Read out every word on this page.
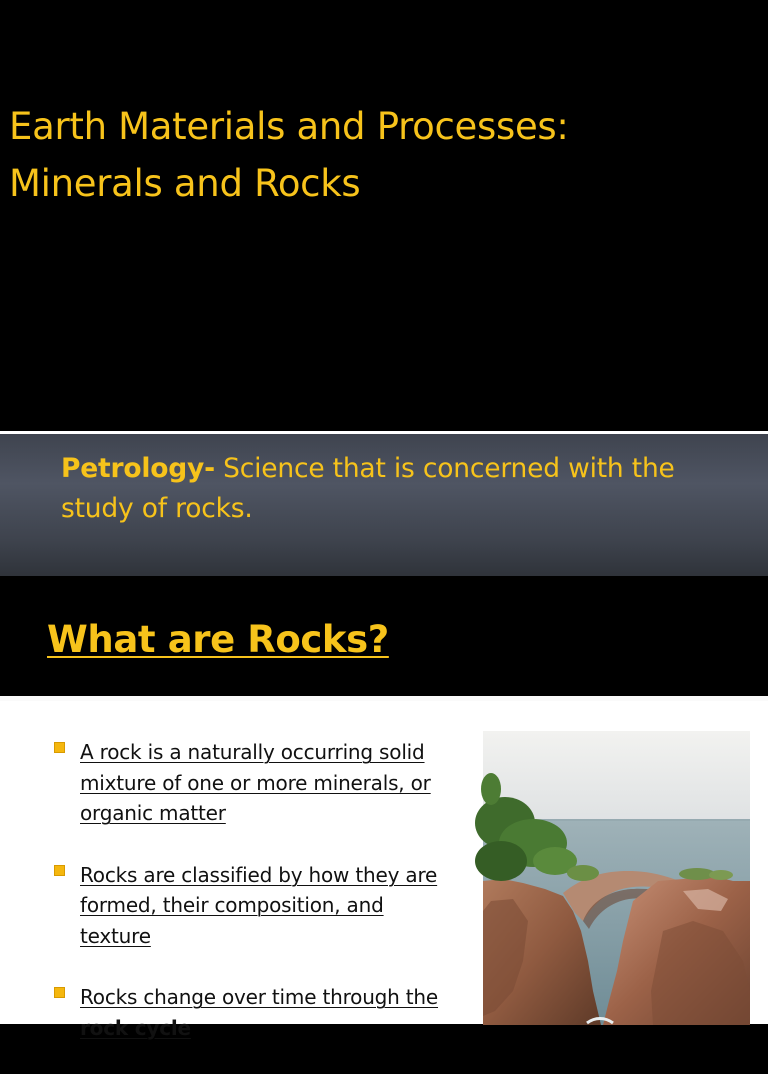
Earth Materials and Processes:
Minerals and Rocks

Petrology- Science that is concerned with the study of rocks.

What are Rocks?
A rock is a naturally occurring solid mixture of one or more minerals, or organic matter
Rocks are classified by how they are formed, their composition, and texture
Rocks change over time through the rock cycle
